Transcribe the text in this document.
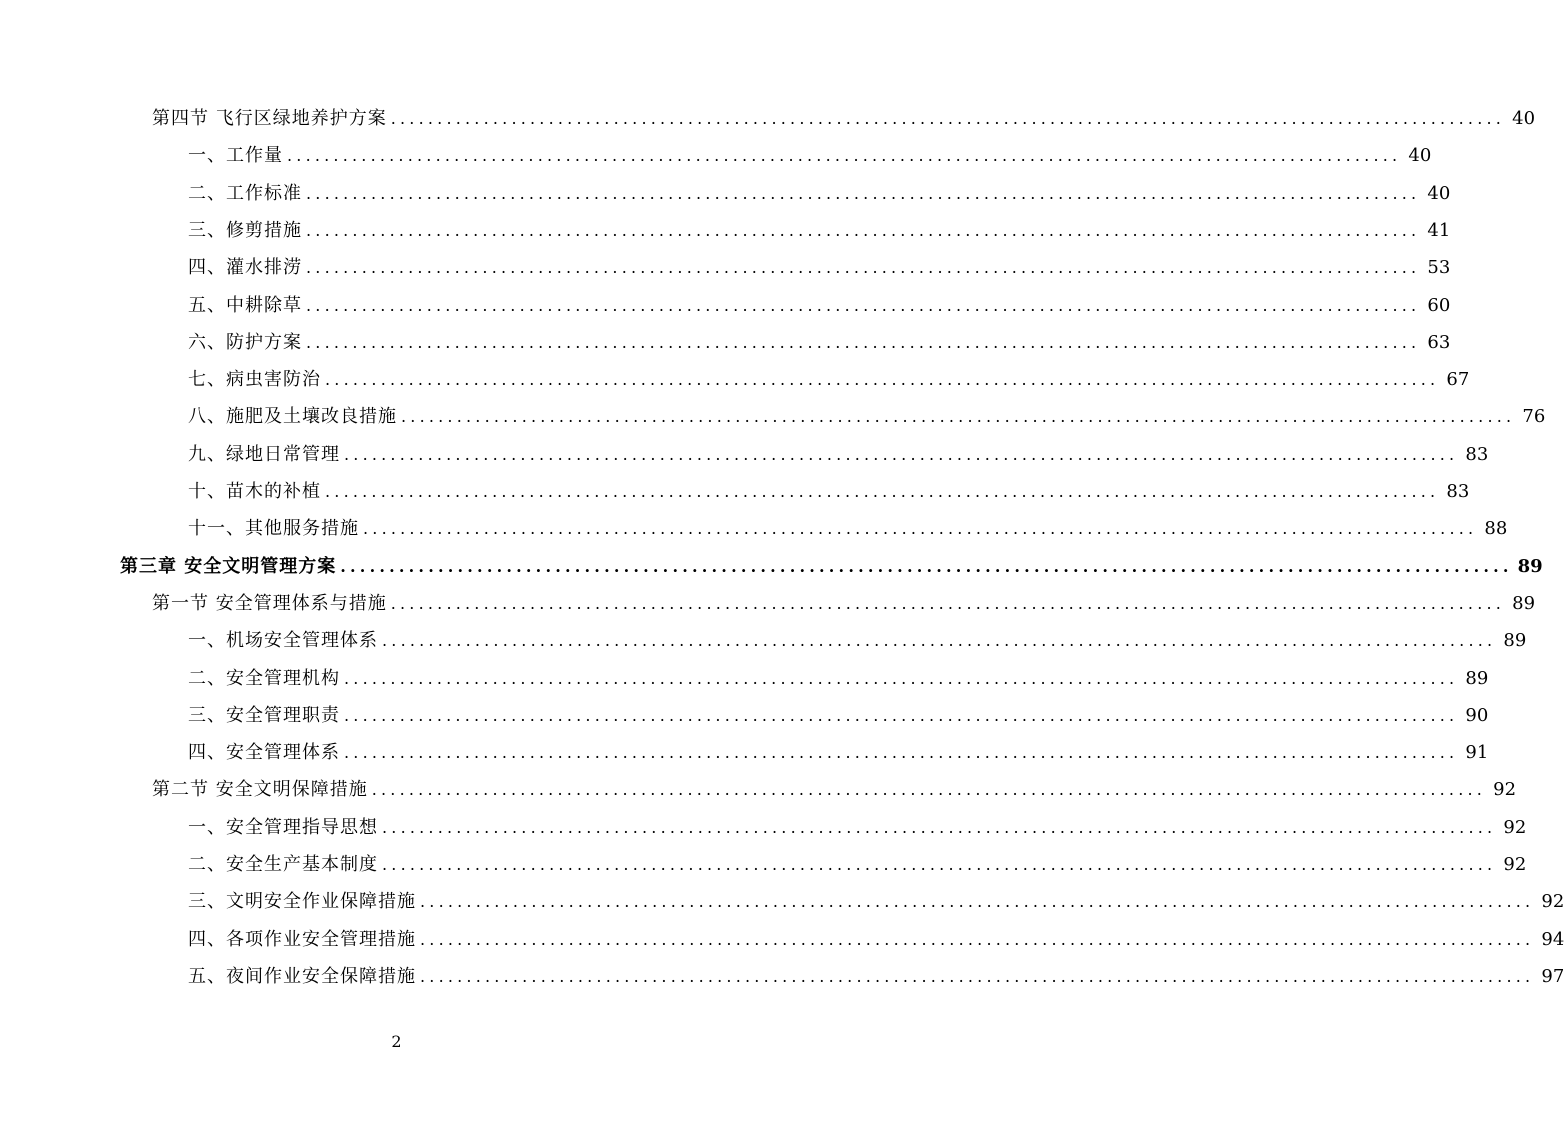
第四节 飞行区绿地养护方案 ........................................................................................................................ 40
一、工作量 ........................................................................................................................ 40
二、工作标准 ........................................................................................................................ 40
三、修剪措施 ........................................................................................................................ 41
四、灌水排涝 ........................................................................................................................ 53
五、中耕除草 ........................................................................................................................ 60
六、防护方案 ........................................................................................................................ 63
七、病虫害防治 ........................................................................................................................ 67
八、施肥及土壤改良措施 ........................................................................................................................ 76
九、绿地日常管理 ........................................................................................................................ 83
十、苗木的补植 ........................................................................................................................ 83
十一、其他服务措施 ........................................................................................................................ 88
第三章 安全文明管理方案 ........................................................................................................................ 89
第一节 安全管理体系与措施 ........................................................................................................................ 89
一、机场安全管理体系 ........................................................................................................................ 89
二、安全管理机构 ........................................................................................................................ 89
三、安全管理职责 ........................................................................................................................ 90
四、安全管理体系 ........................................................................................................................ 91
第二节 安全文明保障措施 ........................................................................................................................ 92
一、安全管理指导思想 ........................................................................................................................ 92
二、安全生产基本制度 ........................................................................................................................ 92
三、文明安全作业保障措施 ........................................................................................................................ 92
四、各项作业安全管理措施 ........................................................................................................................ 94
五、夜间作业安全保障措施 ........................................................................................................................ 97
2
